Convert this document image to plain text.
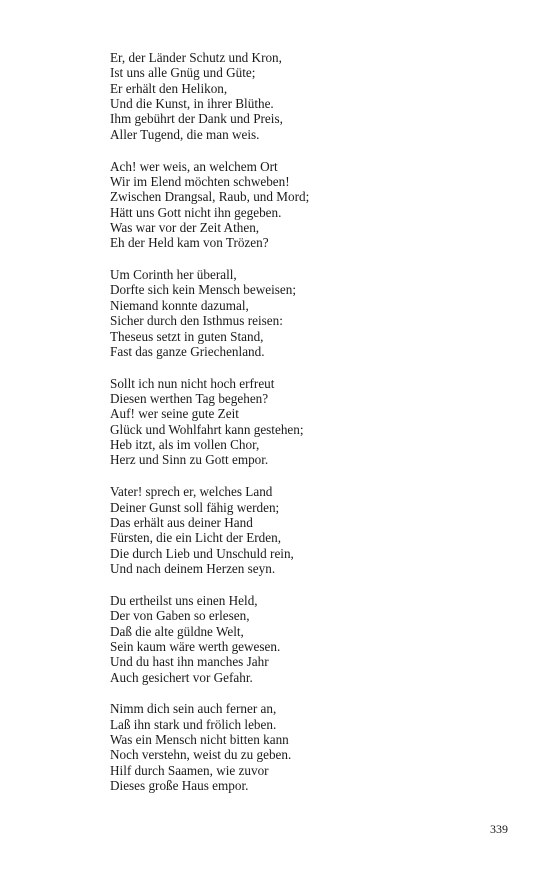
Er, der Länder Schutz und Kron,
Ist uns alle Gnüg und Güte;
Er erhält den Helikon,
Und die Kunst, in ihrer Blüthe.
Ihm gebührt der Dank und Preis,
Aller Tugend, die man weis.
Ach! wer weis, an welchem Ort
Wir im Elend möchten schweben!
Zwischen Drangsal, Raub, und Mord;
Hätt uns Gott nicht ihn gegeben.
Was war vor der Zeit Athen,
Eh der Held kam von Trözen?
Um Corinth her überall,
Dorfte sich kein Mensch beweisen;
Niemand konnte dazumal,
Sicher durch den Isthmus reisen:
Theseus setzt in guten Stand,
Fast das ganze Griechenland.
Sollt ich nun nicht hoch erfreut
Diesen werthen Tag begehen?
Auf! wer seine gute Zeit
Glück und Wohlfahrt kann gestehen;
Heb itzt, als im vollen Chor,
Herz und Sinn zu Gott empor.
Vater! sprech er, welches Land
Deiner Gunst soll fähig werden;
Das erhält aus deiner Hand
Fürsten, die ein Licht der Erden,
Die durch Lieb und Unschuld rein,
Und nach deinem Herzen seyn.
Du ertheilst uns einen Held,
Der von Gaben so erlesen,
Daß die alte güldne Welt,
Sein kaum wäre werth gewesen.
Und du hast ihn manches Jahr
Auch gesichert vor Gefahr.
Nimm dich sein auch ferner an,
Laß ihn stark und frölich leben.
Was ein Mensch nicht bitten kann
Noch verstehn, weist du zu geben.
Hilf durch Saamen, wie zuvor
Dieses große Haus empor.
339
